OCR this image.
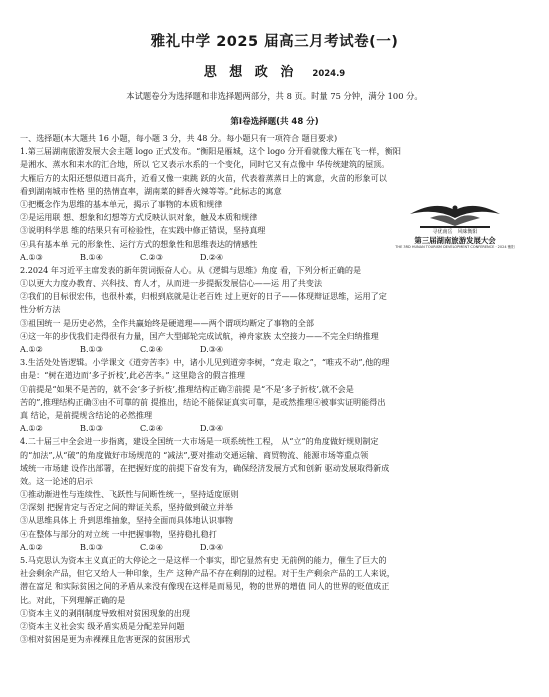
雅礼中学 2025 届高三月考试卷(一)
思 想 政 治 2024.9
本试题卷分为选择题和非选择题两部分，共 8 页。时量 75 分钟，满分 100 分。
第Ⅰ卷选择题(共 48 分)
寻优南岳　风味衡阳
第三届湖南旅游发展大会
THE 3RD HUNAN TOURISM DEVELOPMENT CONFERENCE · 2024 衡阳
一、选择题(本大题共 16 小题，每小题 3 分，共 48 分。每小题只有一项符合 题目要求)
1.第三届湖南旅游发展大会主题 logo 正式发布。“衡阳是雁城，这个 logo 分开看就像大雁在飞一样，衡阳
是湘水、蒸水和耒水的汇合地，所以 它又表示水系的一个变化，同时它又有点像中 华传统建筑的屋顶。
大雁后方的太阳还想似道日高升，近看又像一束跳 跃的火苗，代表着蒸蒸日上的寓意，火苗的形象可以
看到湖南城市性格 里的热情直率，湖南菜的鲜香火辣等等。”此标志的寓意
①把概念作为思维的基本单元，揭示了事物的本质和规律
②是运用联 想、想象和幻想等方式反映认识对象，触及本质和规律
③说明科学思 维的结果只有可检验性，在实践中修正错误，坚持真理
④具有基本单 元的形象性、运行方式的想象性和思维表达的情感性
A.①③	B.①④	C.②③	D.②④
2.2024 年习近平主席发表的新年贺词振奋人心。从《逻辑与思维》角度 看，下列分析正确的是
①以更大力度办教育、兴科技、育人才，从而进一步提振发展信心——运 用了共变法
②我们的目标很宏伟，也很朴素，归根到底就是让老百姓 过上更好的日子——体现辩证思维，运用了定
性分析方法
③祖国统一 是历史必然，全作共赢始终是硬道理——两个谓项均断定了事物的全部
④这一年的步伐我们走得很有力量，国产大型邮轮完成试航，神舟家族 太空接力——不完全归纳推理
A.①②	B.①③	C.②④	D.③④
3.生活处处皆逻辑。小学课文《道旁苦李》中，诸小儿见到道旁李树，“竞走 取之”，“唯戎不动”,他的理
由是：“树在道边而‘多子折枝’,此必苦李。” 这里隐含的假言推理
①前提是“如果不是苦的，就不会‘多子折枝’,推理结构正确②前提 是“不是‘多子折枝’,就不会是
苦的”,推理结构正确③由不可靠的前 提推出，结论不能保证真实可靠，是或然推理④被事实证明能得出
真 结论，是前提规含结论的必然推理
A.①②	B.①③	C.②④	D.③④
4.二十届三中全会进一步指离，建设全国统一大市场是一项系统性工程， 从“立”的角度做好规则制定
的“加法”,从“破”的角度做好市场规范的 “减法”,要对推动交通运输、商贸物流、能源市场等重点领
域统一市场建 设作出部署，在把握好度的前提下奋发有为，确保经济发展方式和创新 驱动发展取得新成
效。这一论述的启示
①推动渐进性与连续性、飞跃性与间断性统一，坚持适度原则
②深刻 把握肯定与否定之间的辩证关系，坚持做到破立并举
③从思维具体上 升到思维抽象，坚持全面而具体地认识事物
④在整体与部分的对立统 一中把握事物，坚持稳扎稳打
A.①②	B.①③	C.②④	D.③④
5.马克思认为资本主义真正的大停论之一是这样一个事实，即它显然有史 无前例的能力，催生了巨大的
社会剩余产品，但它又给人一种印象，生产 这种产品不存在剩削的过程。对于生产剩余产品的工人来说，
潜在富足 和实际贫困之间的矛盾从来没有像现在这样是而易见，物的世界的增值 同人的世界的贬值成正
比。对此，下列理解正确的是
①资本主义的剥削制度导致相对贫困现象的出现
②资本主义社会实 级矛盾实质是分配差异问题
③相对贫困是更为赤裸裸且危害更深的贫困形式
